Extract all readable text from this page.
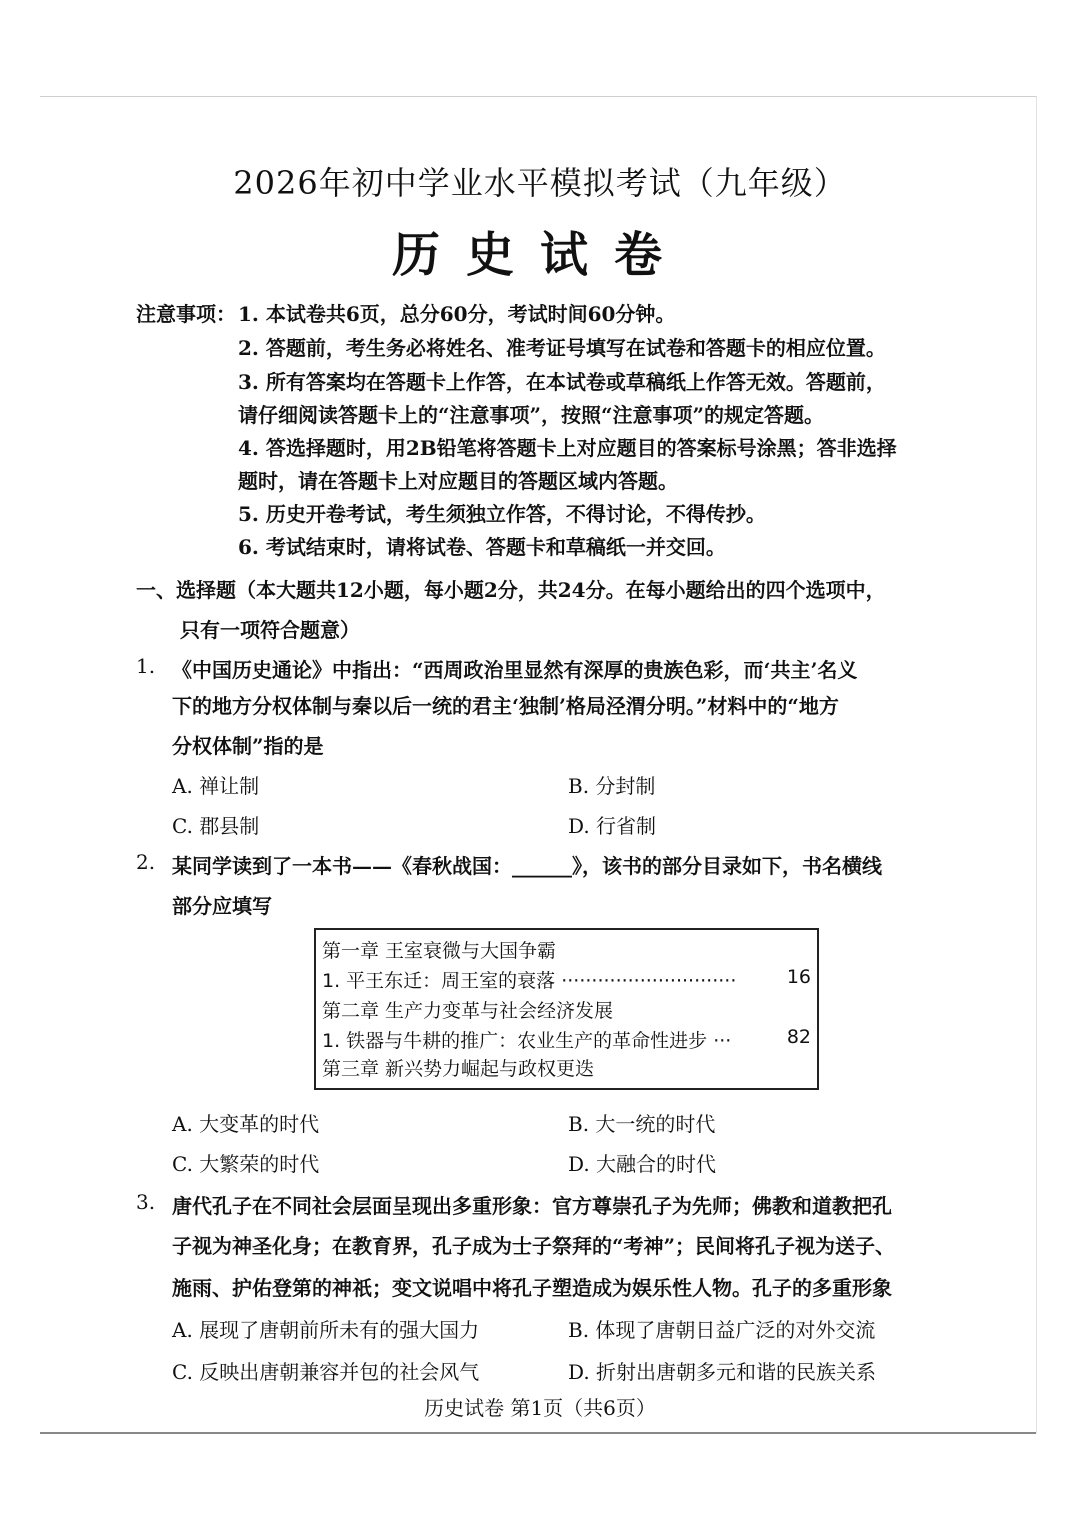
2026年初中学业水平模拟考试（九年级）
历史试卷
注意事项： 1. 本试卷共6页，总分60分，考试时间60分钟。
2. 答题前，考生务必将姓名、准考证号填写在试卷和答题卡的相应位置。
3. 所有答案均在答题卡上作答，在本试卷或草稿纸上作答无效。答题前，
请仔细阅读答题卡上的“注意事项”，按照“注意事项”的规定答题。
4. 答选择题时，用2B铅笔将答题卡上对应题目的答案标号涂黑；答非选择
题时，请在答题卡上对应题目的答题区域内答题。
5. 历史开卷考试，考生须独立作答，不得讨论，不得传抄。
6. 考试结束时，请将试卷、答题卡和草稿纸一并交回。
一、选择题（本大题共12小题，每小题2分，共24分。在每小题给出的四个选项中，
只有一项符合题意）
1. 《中国历史通论》中指出：“西周政治里显然有深厚的贵族色彩，而‘共主’名义
下的地方分权体制与秦以后一统的君主‘独制’格局泾渭分明。”材料中的“地方
分权体制”指的是
A. 禅让制	B. 分封制
C. 郡县制	D. 行省制
2. 某同学读到了一本书——《春秋战国：______》，该书的部分目录如下，书名横线
部分应填写
第一章 王室衰微与大国争霸
1. 平王东迁：周王室的衰落 ·····························	16
第二章 生产力变革与社会经济发展
1. 铁器与牛耕的推广：农业生产的革命性进步 ···	82
第三章 新兴势力崛起与政权更迭
A. 大变革的时代	B. 大一统的时代
C. 大繁荣的时代	D. 大融合的时代
3. 唐代孔子在不同社会层面呈现出多重形象：官方尊崇孔子为先师；佛教和道教把孔
子视为神圣化身；在教育界，孔子成为士子祭拜的“考神”；民间将孔子视为送子、
施雨、护佑登第的神祇；变文说唱中将孔子塑造成为娱乐性人物。孔子的多重形象
A. 展现了唐朝前所未有的强大国力	B. 体现了唐朝日益广泛的对外交流
C. 反映出唐朝兼容并包的社会风气	D. 折射出唐朝多元和谐的民族关系
历史试卷 第1页（共6页）
